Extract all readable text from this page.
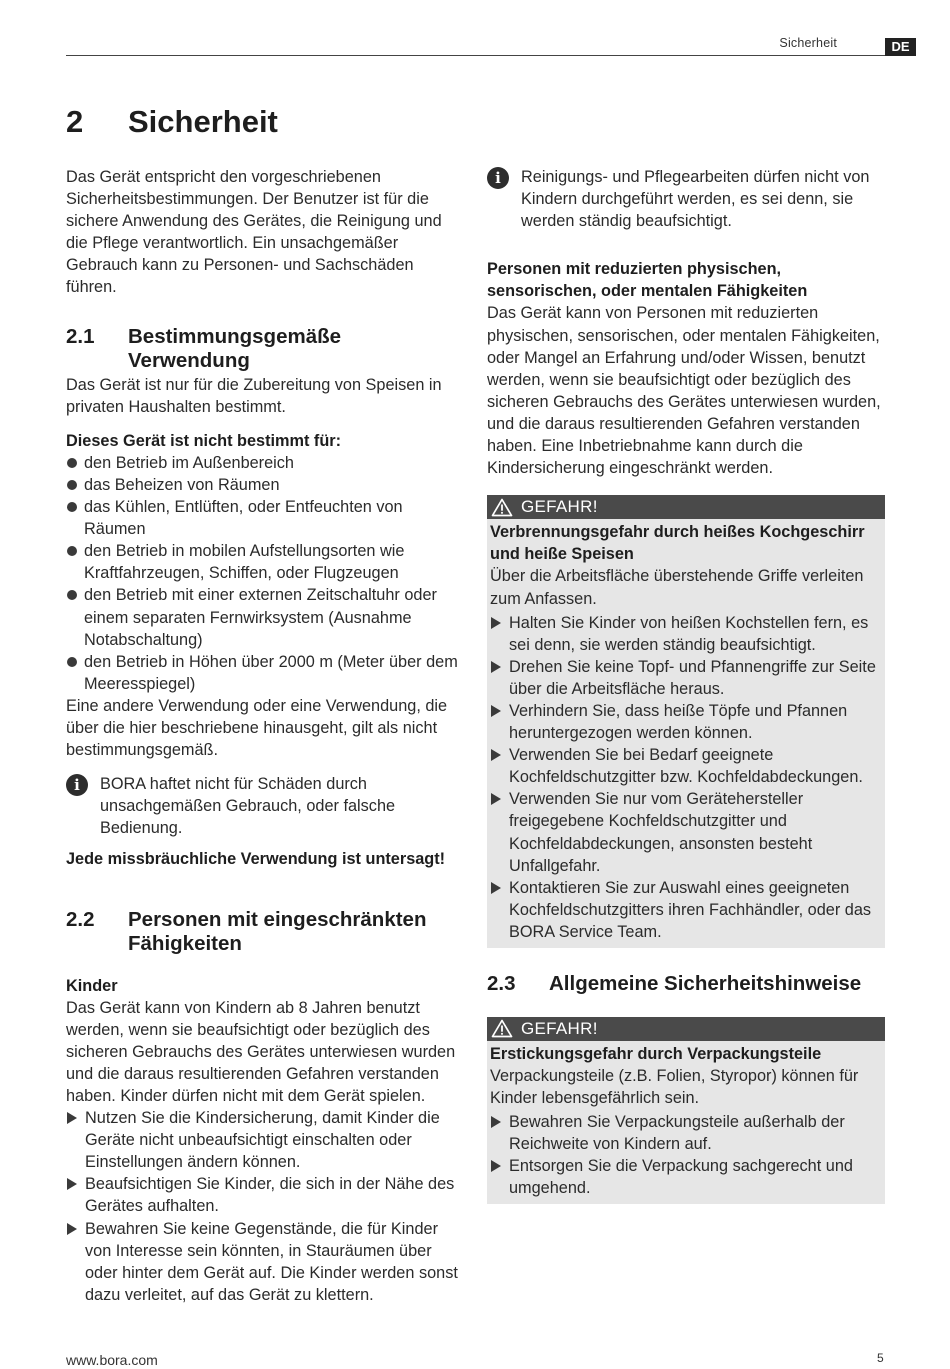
Sicherheit	DE
2 Sicherheit

Das Gerät entspricht den vorgeschriebenen Sicherheitsbestimmungen. Der Benutzer ist für die sichere Anwendung des Gerätes, die Reinigung und die Pflege verantwortlich. Ein unsachgemäßer Gebrauch kann zu Personen- und Sachschäden führen.

2.1	Bestimmungsgemäße Verwendung

Das Gerät ist nur für die Zubereitung von Speisen in privaten Haushalten bestimmt.

Dieses Gerät ist nicht bestimmt für:

den Betrieb im Außenbereich
das Beheizen von Räumen
das Kühlen, Entlüften, oder Entfeuchten von Räumen
den Betrieb in mobilen Aufstellungsorten wie Kraftfahrzeugen, Schiffen, oder Flugzeugen
den Betrieb mit einer externen Zeitschaltuhr oder einem separaten Fernwirksystem (Ausnahme Notabschaltung)
den Betrieb in Höhen über 2000 m (Meter über dem Meeresspiegel)

Eine andere Verwendung oder eine Verwendung, die über die hier beschriebene hinausgeht, gilt als nicht bestimmungsgemäß.

i	BORA haftet nicht für Schäden durch unsachgemäßen Gebrauch, oder falsche Bedienung.

Jede missbräuchliche Verwendung ist untersagt!

2.2	Personen mit eingeschränkten Fähigkeiten

Kinder

Das Gerät kann von Kindern ab 8 Jahren benutzt werden, wenn sie beaufsichtigt oder bezüglich des sicheren Gebrauchs des Gerätes unterwiesen wurden und die daraus resultierenden Gefahren verstanden haben. Kinder dürfen nicht mit dem Gerät spielen.

Nutzen Sie die Kindersicherung, damit Kinder die Geräte nicht unbeaufsichtigt einschalten oder Einstellungen ändern können.
Beaufsichtigen Sie Kinder, die sich in der Nähe des Gerätes aufhalten.
Bewahren Sie keine Gegenstände, die für Kinder von Interesse sein könnten, in Stauräumen über oder hinter dem Gerät auf. Die Kinder werden sonst dazu verleitet, auf das Gerät zu klettern.
i	Reinigungs- und Pflegearbeiten dürfen nicht von Kindern durchgeführt werden, es sei denn, sie werden ständig beaufsichtigt.

Personen mit reduzierten physischen, sensorischen, oder mentalen Fähigkeiten

Das Gerät kann von Personen mit reduzierten physischen, sensorischen, oder mentalen Fähigkeiten, oder Mangel an Erfahrung und/oder Wissen, benutzt werden, wenn sie beaufsichtigt oder bezüglich des sicheren Gebrauchs des Gerätes unterwiesen wurden, und die daraus resultierenden Gefahren verstanden haben. Eine Inbetriebnahme kann durch die Kindersicherung eingeschränkt werden.

GEFAHR!

Verbrennungsgefahr durch heißes Kochgeschirr und heiße Speisen

Über die Arbeitsfläche überstehende Griffe verleiten zum Anfassen.

Halten Sie Kinder von heißen Kochstellen fern, es sei denn, sie werden ständig beaufsichtigt.
Drehen Sie keine Topf- und Pfannengriffe zur Seite über die Arbeitsfläche heraus.
Verhindern Sie, dass heiße Töpfe und Pfannen heruntergezogen werden können.
Verwenden Sie bei Bedarf geeignete Kochfeldschutzgitter bzw. Kochfeldabdeckungen.
Verwenden Sie nur vom Gerätehersteller freigegebene Kochfeldschutzgitter und Kochfeldabdeckungen, ansonsten besteht Unfallgefahr.
Kontaktieren Sie zur Auswahl eines geeigneten Kochfeldschutzgitters ihren Fachhändler, oder das BORA Service Team.
2.3	Allgemeine Sicherheitshinweise
GEFAHR!

Erstickungsgefahr durch Verpackungsteile

Verpackungsteile (z.B. Folien, Styropor) können für Kinder lebensgefährlich sein.

Bewahren Sie Verpackungsteile außerhalb der Reichweite von Kindern auf.
Entsorgen Sie die Verpackung sachgerecht und umgehend.
www.bora.com	5
